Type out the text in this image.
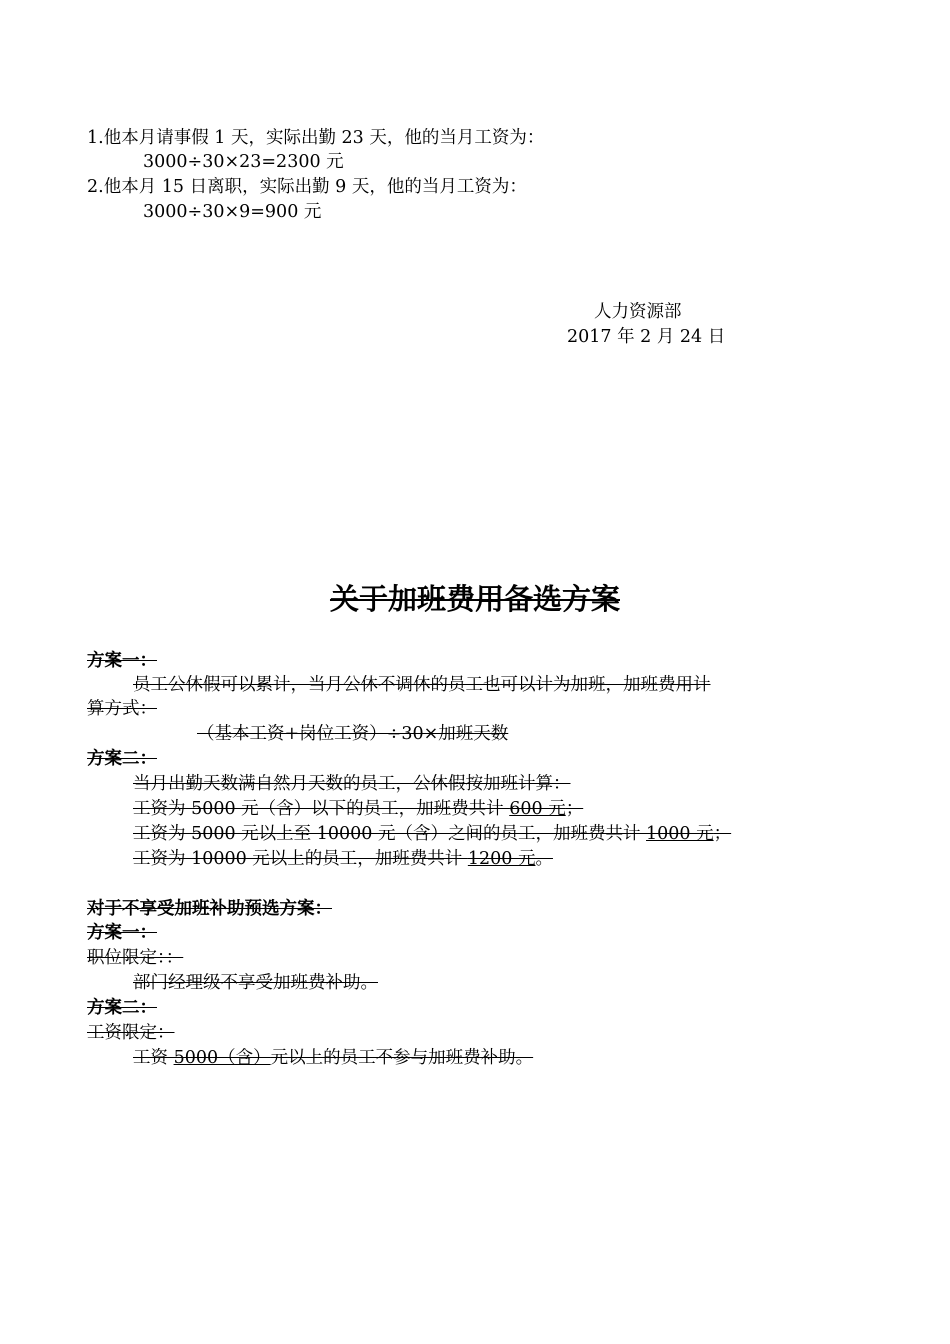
1.他本月请事假 1 天，实际出勤 23 天，他的当月工资为：
3000÷30×23=2300 元
2.他本月 15 日离职，实际出勤 9 天，他的当月工资为：
3000÷30×9=900 元
人力资源部
2017 年 2 月 24 日
关于加班费用备选方案
方案一：
员工公休假可以累计，当月公休不调休的员工也可以计为加班，加班费用计
算方式：
（基本工资+岗位工资）÷30×加班天数
方案二：
当月出勤天数满自然月天数的员工，公休假按加班计算：
工资为 5000 元（含）以下的员工，加班费共计 600 元；
工资为 5000 元以上至 10000 元（含）之间的员工，加班费共计 1000 元；
工资为 10000 元以上的员工，加班费共计 1200 元。
对于不享受加班补助预选方案：
方案一：
职位限定：：
部门经理级不享受加班费补助。
方案二：
工资限定：
工资 5000（含）元以上的员工不参与加班费补助。
